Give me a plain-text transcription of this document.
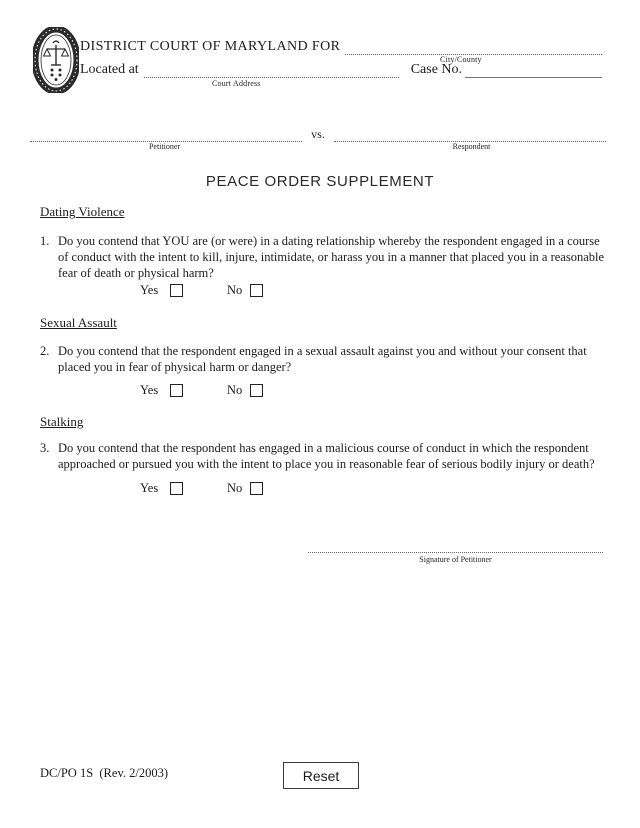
DISTRICT COURT OF MARYLAND FOR
City/County
Located at	Case No.
Court Address
vs.
Petitioner	Respondent
PEACE ORDER SUPPLEMENT
Dating Violence
1. Do you contend that YOU are (or were) in a dating relationship whereby the respondent engaged in a course of conduct with the intent to kill, injure, intimidate, or harass you in a manner that placed you in a reasonable fear of death or physical harm?
Yes	No
Sexual Assault
2. Do you contend that the respondent engaged in a sexual assault against you and without your consent that placed you in fear of physical harm or danger?
Yes	No
Stalking
3. Do you contend that the respondent has engaged in a malicious course of conduct in which the respondent approached or pursued you with the intent to place you in reasonable fear of serious bodily injury or death?
Yes	No
Signature of Petitioner
DC/PO 1S  (Rev. 2/2003)	Reset
